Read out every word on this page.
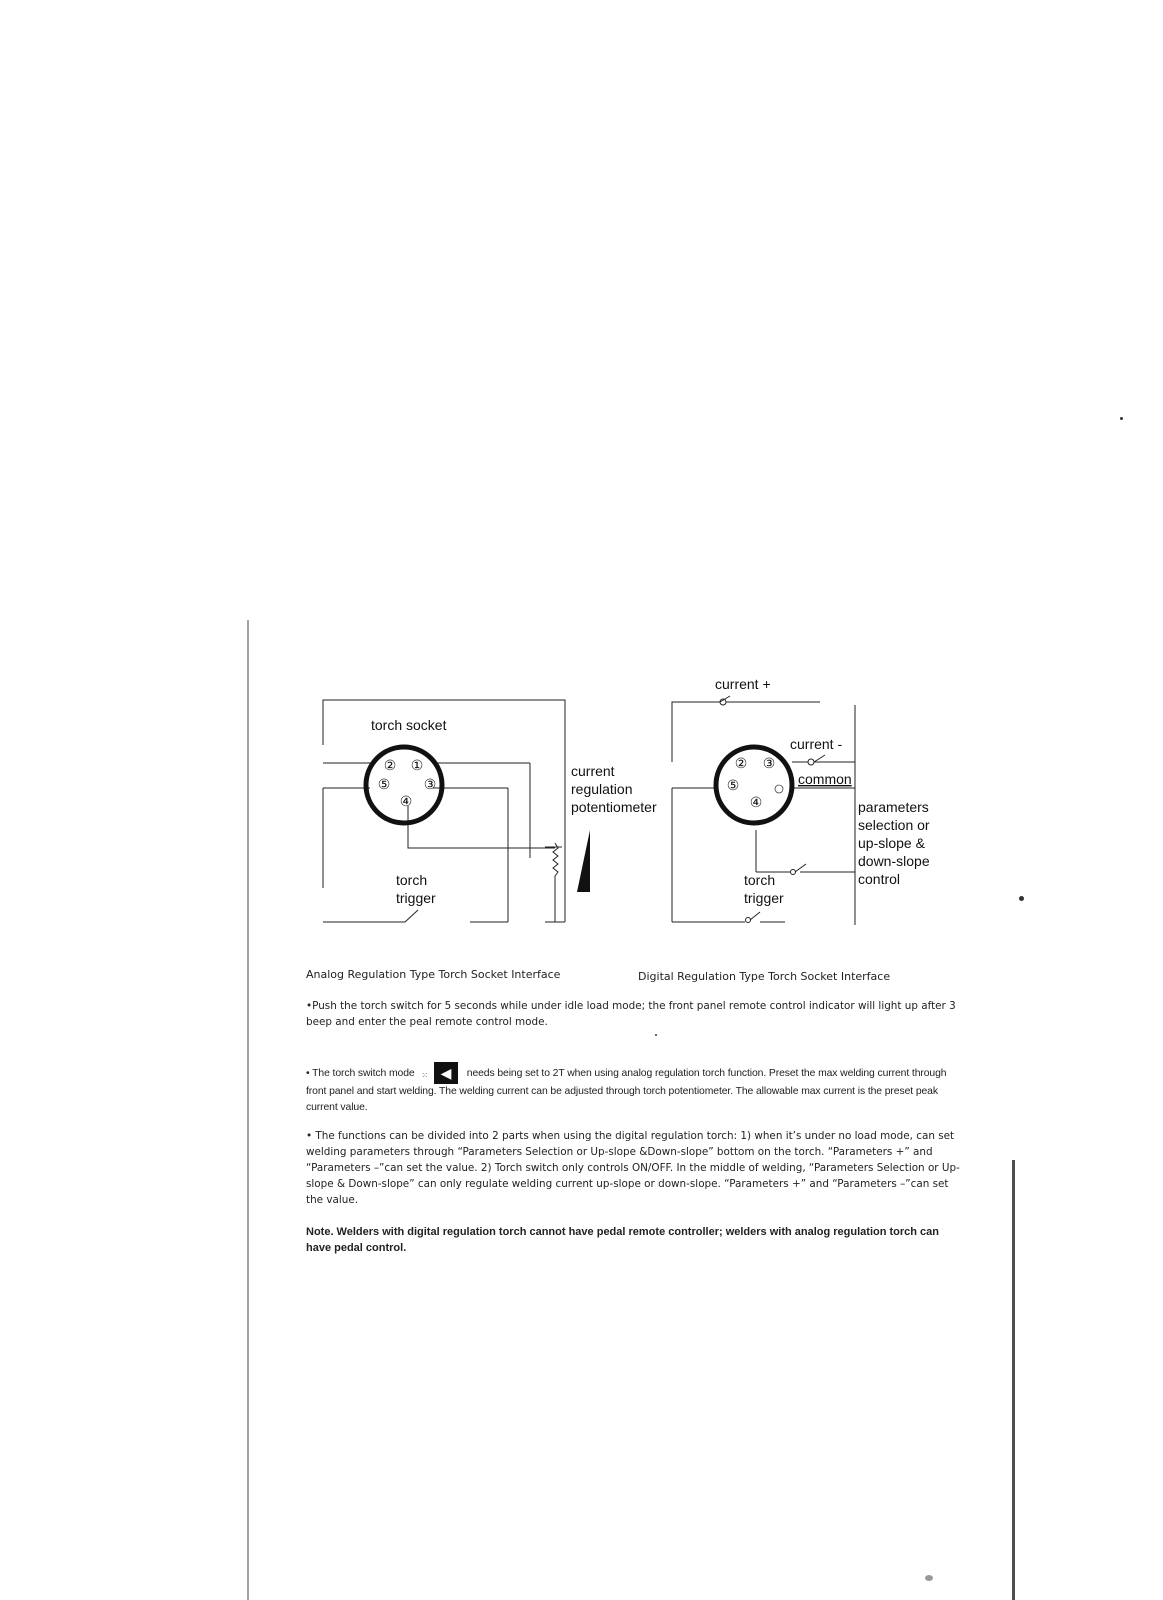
①
②
③
④
⑤
torch socket
current
regulation
potentiometer
torch
trigger
② ③
⑤
④
current +
current -
common
parameters
selection or
up-slope &
down-slope
control
torch
trigger
Analog Regulation Type Torch Socket Interface	Digital Regulation Type Torch Socket Interface
•Push the torch switch for 5 seconds while under idle load mode; the front panel remote control indicator will light up after 3 beep and enter the peal remote control mode.
• The torch switch mode ⁙ ◀ needs being set to 2T when using analog regulation torch function. Preset the max welding current through front panel and start welding. The welding current can be adjusted through torch potentiometer. The allowable max current is the preset peak current value.
• The functions can be divided into 2 parts when using the digital regulation torch: 1) when it’s under no load mode, can set welding parameters through “Parameters Selection or Up-slope &Down-slope” bottom on the torch. “Parameters +” and “Parameters –”can set the value. 2) Torch switch only controls ON/OFF. In the middle of welding, “Parameters Selection or Up-slope & Down-slope” can only regulate welding current up-slope or down-slope. “Parameters +” and “Parameters –”can set the value.
Note. Welders with digital regulation torch cannot have pedal remote controller; welders with analog regulation torch can have pedal control.
